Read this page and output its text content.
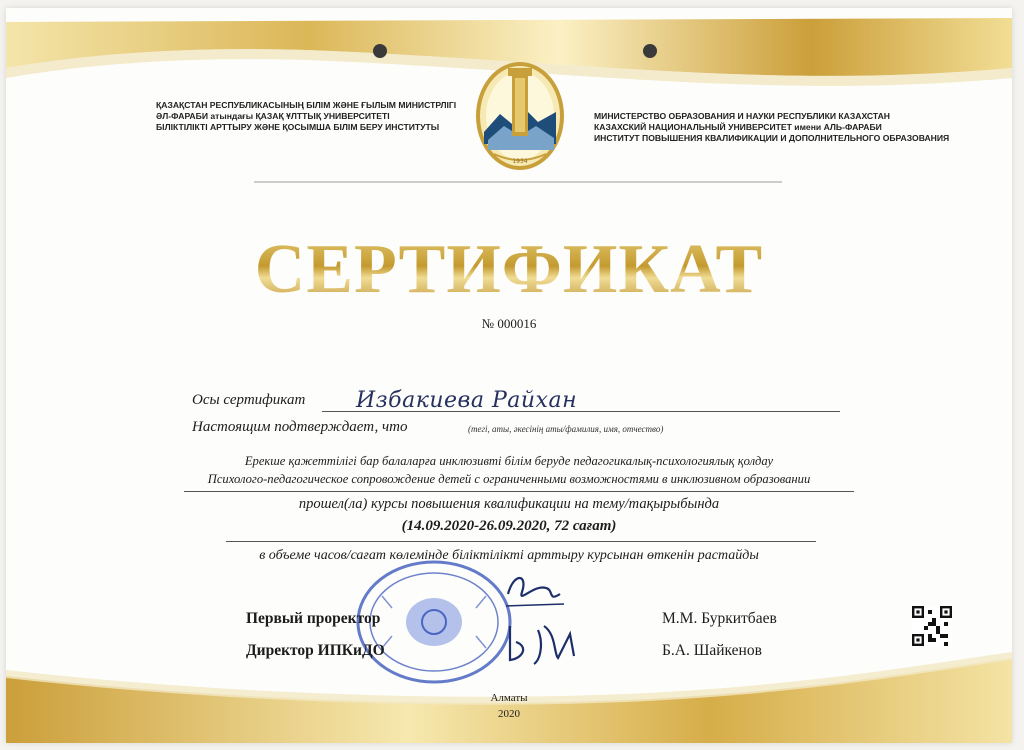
ҚАЗАҚСТАН РЕСПУБЛИКАСЫНЫҢ БІЛІМ ЖӘНЕ ҒЫЛЫМ МИНИСТРЛІГІ
ӘЛ-ФАРАБИ атындағы ҚАЗАҚ ҰЛТТЫҚ УНИВЕРСИТЕТІ
БІЛІКТІЛІКТІ АРТТЫРУ ЖӘНЕ ҚОСЫМША БІЛІМ БЕРУ ИНСТИТУТЫ
1934
МИНИСТЕРСТВО ОБРАЗОВАНИЯ И НАУКИ РЕСПУБЛИКИ КАЗАХСТАН
КАЗАХСКИЙ НАЦИОНАЛЬНЫЙ УНИВЕРСИТЕТ имени АЛЬ-ФАРАБИ
ИНСТИТУТ ПОВЫШЕНИЯ КВАЛИФИКАЦИИ И ДОПОЛНИТЕЛЬНОГО ОБРАЗОВАНИЯ
СЕРТИФИКАТ
№ 000016
Осы сертификат Избакиева Райхан
Настоящим подтверждает, что	(тегі, аты, әкесінің аты/фамилия, имя, отчество)
Ерекше қажеттілігі бар балаларға инклюзивті білім беруде педагогикалық-психологиялық қолдау
Психолого-педагогическое сопровождение детей с ограниченными возможностями в инклюзивном образовании
прошел(ла) курсы повышения квалификации на тему/тақырыбында
(14.09.2020-26.09.2020, 72 сағат)
в объеме часов/сағат көлемінде біліктілікті арттыру курсынан өткенін растайды
Первый проректор
Директор ИПКиДО
М.М. Буркитбаев
Б.А. Шайкенов
Алматы
2020
